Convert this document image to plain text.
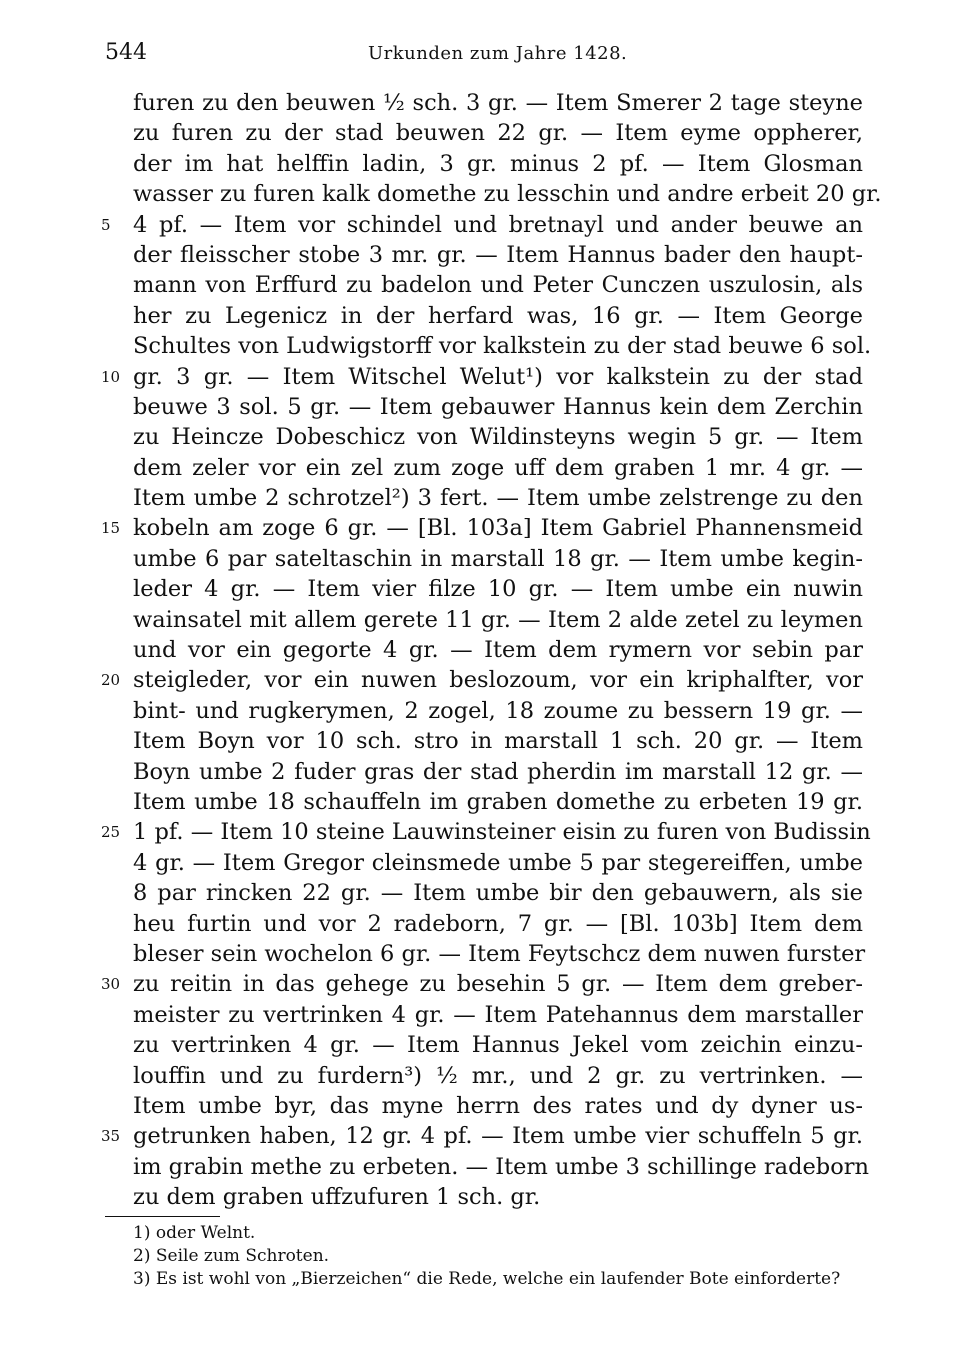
544	Urkunden zum Jahre 1428.
furen zu den beuwen ½ sch. 3 gr. — Item Smerer 2 tage steyne
zu furen zu der stad beuwen 22 gr. — Item eyme oppherer,
der im hat helffin ladin, 3 gr. minus 2 pf. — Item Glosman
wasser zu furen kalk domethe zu lesschin und andre erbeit 20 gr.
5 4 pf. — Item vor schindel und bretnayl und ander beuwe an
der fleisscher stobe 3 mr. gr. — Item Hannus bader den haupt-
mann von Erffurd zu badelon und Peter Cunczen uszulosin, als
her zu Legenicz in der herfard was, 16 gr. — Item George
Schultes von Ludwigstorff vor kalkstein zu der stad beuwe 6 sol.
10 gr. 3 gr. — Item Witschel Welut¹) vor kalkstein zu der stad
beuwe 3 sol. 5 gr. — Item gebauwer Hannus kein dem Zerchin
zu Heincze Dobeschicz von Wildinsteyns wegin 5 gr. — Item
dem zeler vor ein zel zum zoge uff dem graben 1 mr. 4 gr. —
Item umbe 2 schrotzel²) 3 fert. — Item umbe zelstrenge zu den
15 kobeln am zoge 6 gr. — [Bl. 103a] Item Gabriel Phannensmeid
umbe 6 par sateltaschin in marstall 18 gr. — Item umbe kegin-
leder 4 gr. — Item vier filze 10 gr. — Item umbe ein nuwin
wainsatel mit allem gerete 11 gr. — Item 2 alde zetel zu leymen
und vor ein gegorte 4 gr. — Item dem rymern vor sebin par
20 steigleder, vor ein nuwen beslozoum, vor ein kriphalfter, vor
bint- und rugkerymen, 2 zogel, 18 zoume zu bessern 19 gr. —
Item Boyn vor 10 sch. stro in marstall 1 sch. 20 gr. — Item
Boyn umbe 2 fuder gras der stad pherdin im marstall 12 gr. —
Item umbe 18 schauffeln im graben domethe zu erbeten 19 gr.
25 1 pf. — Item 10 steine Lauwinsteiner eisin zu furen von Budissin
4 gr. — Item Gregor cleinsmede umbe 5 par stegereiffen, umbe
8 par rincken 22 gr. — Item umbe bir den gebauwern, als sie
heu furtin und vor 2 radeborn, 7 gr. — [Bl. 103b] Item dem
bleser sein wochelon 6 gr. — Item Feytschcz dem nuwen furster
30 zu reitin in das gehege zu besehin 5 gr. — Item dem greber-
meister zu vertrinken 4 gr. — Item Patehannus dem marstaller
zu vertrinken 4 gr. — Item Hannus Jekel vom zeichin einzu-
louffin und zu furdern³) ½ mr., und 2 gr. zu vertrinken. —
Item umbe byr, das myne herrn des rates und dy dyner us-
35 getrunken haben, 12 gr. 4 pf. — Item umbe vier schuffeln 5 gr.
im grabin methe zu erbeten. — Item umbe 3 schillinge radeborn
zu dem graben uffzufuren 1 sch. gr.
1) oder Welnt.
2) Seile zum Schroten.
3) Es ist wohl von „Bierzeichen“ die Rede, welche ein laufender Bote einforderte?
